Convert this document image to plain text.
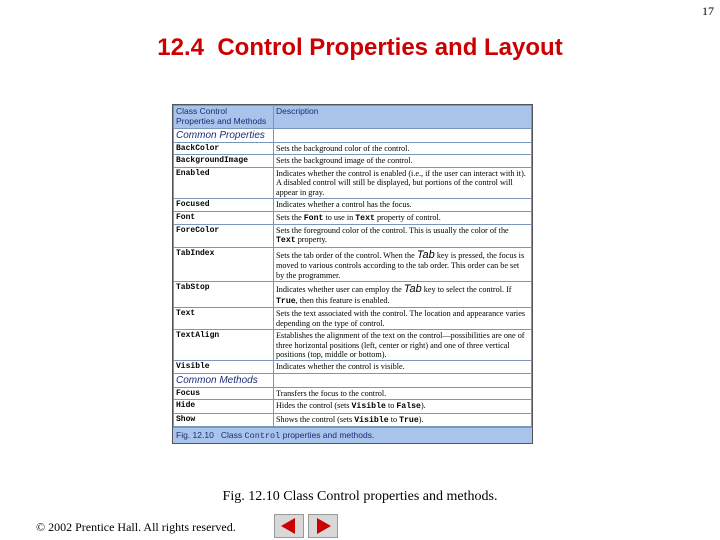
17
12.4  Control Properties and Layout
Class Control
Properties and Methods	Description
Common Properties	
BackColor	Sets the background color of the control.
BackgroundImage	Sets the background image of the control.
Enabled	Indicates whether the control is enabled (i.e., if the user can interact with it). A disabled control will still be displayed, but portions of the control will appear in gray.
Focused	Indicates whether a control has the focus.
Font	Sets the Font to use in Text property of control.
ForeColor	Sets the foreground color of the control. This is usually the color of the Text property.
TabIndex	Sets the tab order of the control. When the Tab key is pressed, the focus is moved to various controls according to the tab order. This order can be set by the programmer.
TabStop	Indicates whether user can employ the Tab key to select the control. If True, then this feature is enabled.
Text	Sets the text associated with the control. The location and appearance varies depending on the type of control.
TextAlign	Establishes the alignment of the text on the control—possibilities are one of three horizontal positions (left, center or right) and one of three vertical positions (top, middle or bottom).
Visible	Indicates whether the control is visible.
Common Methods	
Focus	Transfers the focus to the control.
Hide	Hides the control (sets Visible to False).
Show	Shows the control (sets Visible to True).
Fig. 12.10 Class Control properties and methods.
Fig. 12.10 Class Control properties and methods.
© 2002 Prentice Hall. All rights reserved.
